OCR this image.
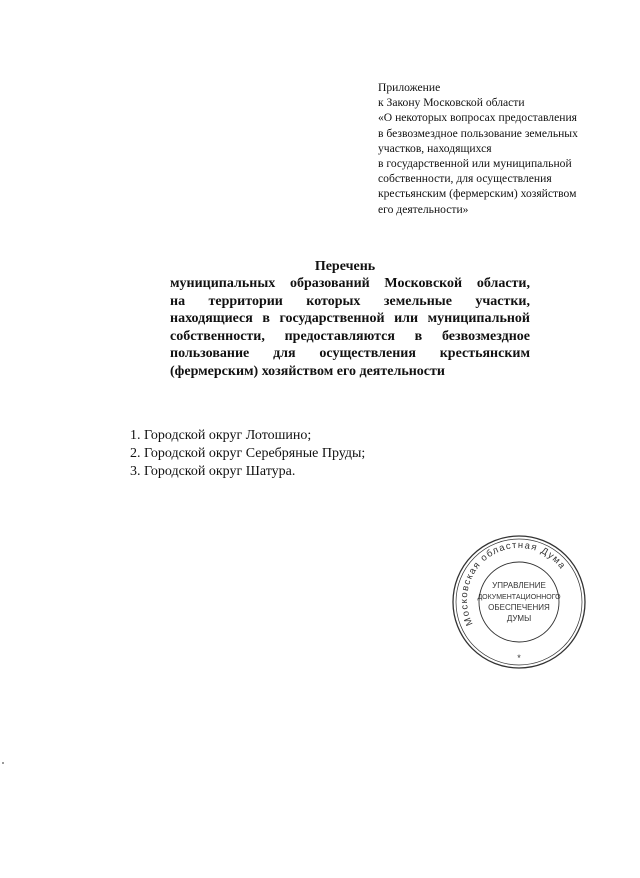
Приложение
к Закону Московской области
«О некоторых вопросах предоставления
в безвозмездное пользование земельных
участков, находящихся
в государственной или муниципальной
собственности, для осуществления
крестьянским (фермерским) хозяйством
его деятельности»
Перечень
муниципальных образований Московской области,
на территории которых земельные участки,
находящиеся в государственной или муниципальной
собственности, предоставляются в безвозмездное
пользование для осуществления крестьянским
(фермерским) хозяйством его деятельности
1. Городской округ Лотошино;
2. Городской округ Серебряные Пруды;
3. Городской округ Шатура.
Московская областная Дума
УПРАВЛЕНИЕ
ДОКУМЕНТАЦИОННОГО
ОБЕСПЕЧЕНИЯ
ДУМЫ
*
